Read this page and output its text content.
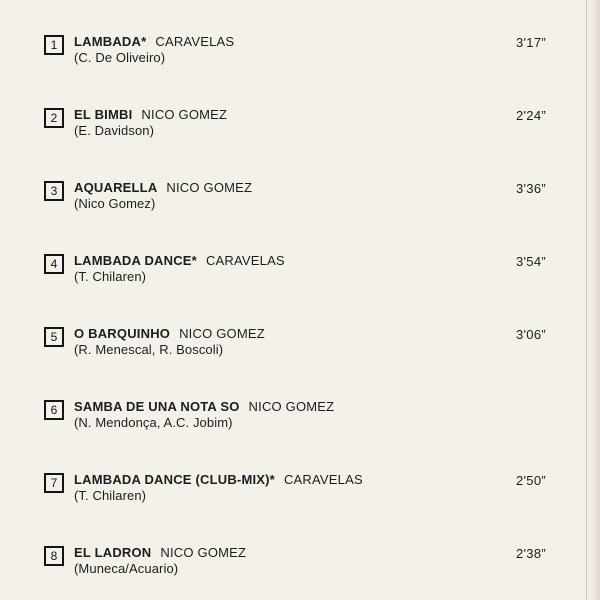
1 LAMBADA* CARAVELAS
(C. De Oliveiro)
3'17”
2 EL BIMBI NICO GOMEZ
(E. Davidson)
2'24”
3 AQUARELLA NICO GOMEZ
(Nico Gomez)
3'36”
4 LAMBADA DANCE* CARAVELAS
(T. Chilaren)
3'54”
5 O BARQUINHO NICO GOMEZ
(R. Menescal, R. Boscoli)
3'06”
6 SAMBA DE UNA NOTA SO NICO GOMEZ
(N. Mendonça, A.C. Jobim)
7 LAMBADA DANCE (CLUB-MIX)* CARAVELAS
(T. Chilaren)
2'50”
8 EL LADRON NICO GOMEZ
(Muneca/Acuario)
2'38”
